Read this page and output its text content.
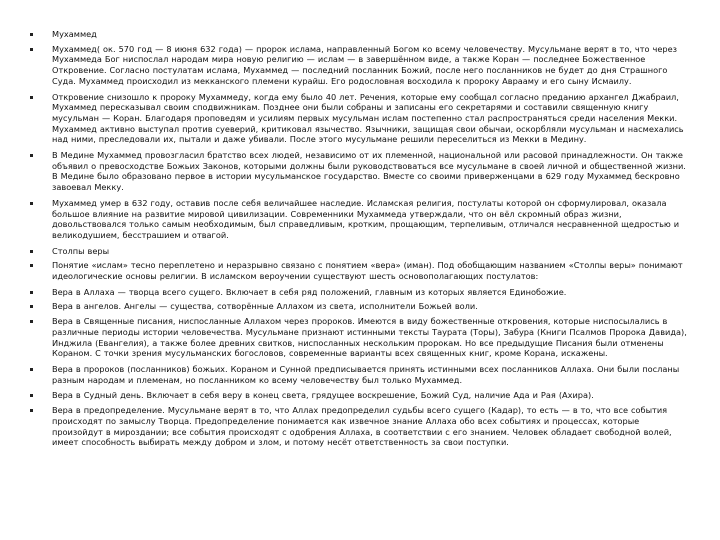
Мухаммед
Мухаммед( ок. 570 год — 8 июня 632 года) — пророк ислама, направленный Богом ко всему человечеству. Мусульмане верят в то, что через Мухаммеда Бог ниспослал народам мира новую религию — ислам — в завершённом виде, а также Коран — последнее Божественное Откровение. Согласно постулатам ислама, Мухаммед — последний посланник Божий, после него посланников не будет до дня Страшного Суда. Мухаммед происходил из мекканского племени курайш. Его родословная восходила к пророку Аврааму и его сыну Исмаилу.
Откровение снизошло к пророку Мухаммеду, когда ему было 40 лет. Речения, которые ему сообщал согласно преданию архангел Джабраил, Мухаммед пересказывал своим сподвижникам. Позднее они были собраны и записаны его секретарями и составили священную книгу мусульман — Коран. Благодаря проповедям и усилиям первых мусульман ислам постепенно стал распространяться среди населения Мекки. Мухаммед активно выступал против суеверий, критиковал язычество. Язычники, защищая свои обычаи, оскорбляли мусульман и насмехались над ними, преследовали их, пытали и даже убивали. После этого мусульмане решили переселиться из Мекки в Медину.
В Медине Мухаммед провозгласил братство всех людей, независимо от их племенной, национальной или расовой принадлежности. Он также объявил о превосходстве Божьих Законов, которыми должны были руководствоваться все мусульмане в своей личной и общественной жизни. В Медине было образовано первое в истории мусульманское государство. Вместе со своими приверженцами в 629 году Мухаммед бескровно завоевал Мекку.
Мухаммед умер в 632 году, оставив после себя величайшее наследие. Исламская религия, постулаты которой он сформулировал, оказала большое влияние на развитие мировой цивилизации. Современники Мухаммеда утверждали, что он вёл скромный образ жизни, довольствовался только самым необходимым, был справедливым, кротким, прощающим, терпеливым, отличался несравненной щедростью и великодушием, бесстрашием и отвагой.
Столпы веры
Понятие «ислам» тесно переплетено и неразрывно связано с понятием «вера» (иман). Под обобщающим названием «Столпы веры» понимают идеологические основы религии. В исламском вероучении существуют шесть основополагающих постулатов:
Вера в Аллаха — творца всего сущего. Включает в себя ряд положений, главным из которых является Единобожие.
Вера в ангелов. Ангелы — существа, сотворённые Аллахом из света, исполнители Божьей воли.
Вера в Священные писания, ниспосланные Аллахом через пророков. Имеются в виду божественные откровения, которые ниспосылались в различные периоды истории человечества. Мусульмане признают истинными тексты Таурата (Торы), Забура (Книги Псалмов Пророка Давида), Инджила (Евангелия), а также более древних свитков, ниспосланных нескольким пророкам. Но все предыдущие Писания были отменены Кораном. С точки зрения мусульманских богословов, современные варианты всех священных книг, кроме Корана, искажены.
Вера в пророков (посланников) божьих. Кораном и Сунной предписывается принять истинными всех посланников Аллаха. Они были посланы разным народам и племенам, но посланником ко всему человечеству был только Мухаммед.
Вера в Судный день. Включает в себя веру в конец света, грядущее воскрешение, Божий Суд, наличие Ада и Рая (Ахира).
Вера в предопределение. Мусульмане верят в то, что Аллах предопределил судьбы всего сущего (Кадар), то есть — в то, что все события происходят по замыслу Творца. Предопределение понимается как извечное знание Аллаха обо всех событиях и процессах, которые произойдут в мироздании; все события происходят с одобрения Аллаха, в соответствии с его знанием. Человек обладает свободной волей, имеет способность выбирать между добром и злом, и потому несёт ответственность за свои поступки.
